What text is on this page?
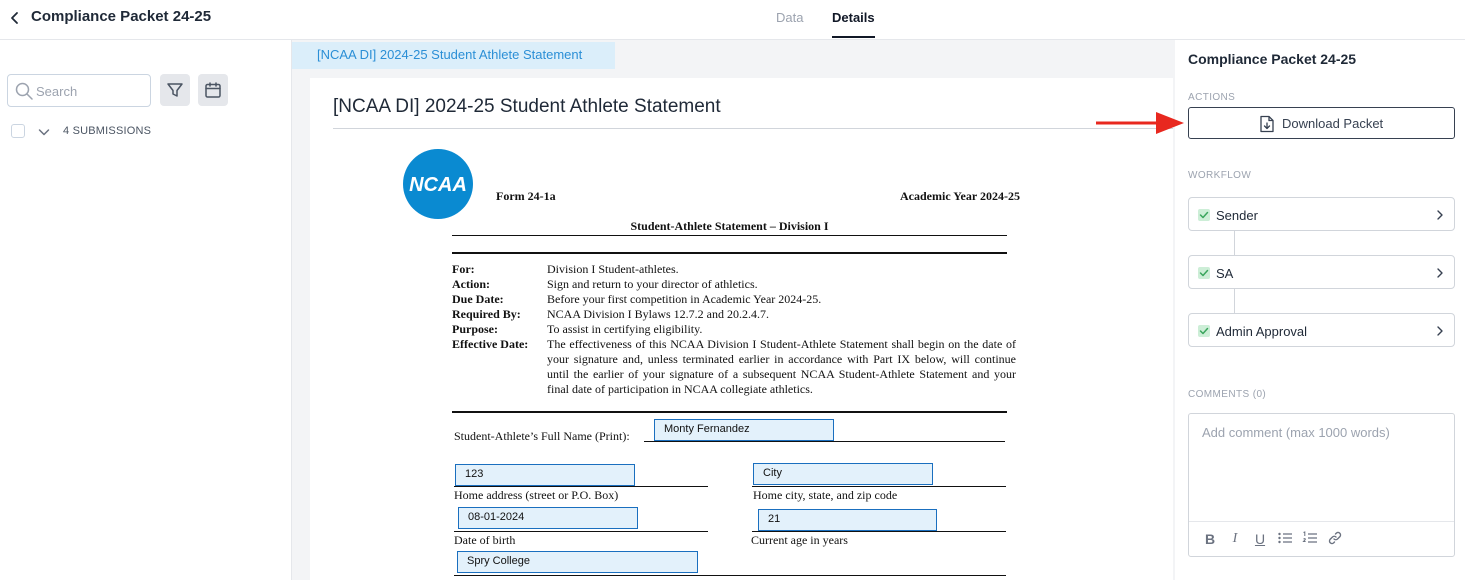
Compliance Packet 24-25	Data Details
Search
4 SUBMISSIONS
[NCAA DI] 2024-25 Student Athlete Statement
[NCAA DI] 2024-25 Student Athlete Statement
NCAA Form 24-1a	Academic Year 2024-25
Student-Athlete Statement – Division I
For:	Division I Student-athletes.
Action:	Sign and return to your director of athletics.
Due Date:	Before your first competition in Academic Year 2024-25.
Required By: NCAA Division I Bylaws 12.7.2 and 20.2.4.7.
Purpose:	To assist in certifying eligibility.
Effective Date: The effectiveness of this NCAA Division I Student-Athlete Statement shall begin on the date of your signature and, unless terminated earlier in accordance with Part IX below, will continue until the earlier of your signature of a subsequent NCAA Student-Athlete Statement and your final date of participation in NCAA collegiate athletics.
Student-Athlete’s Full Name (Print):	Monty Fernandez
123
Home address (street or P.O. Box)
City
Home city, state, and zip code
08-01-2024
Date of birth
21
Current age in years
Spry College
Compliance Packet 24-25
ACTIONS
Download Packet
WORKFLOW
Sender
SA
Admin Approval
COMMENTS (0)
Add comment (max 1000 words)
B	I	U
